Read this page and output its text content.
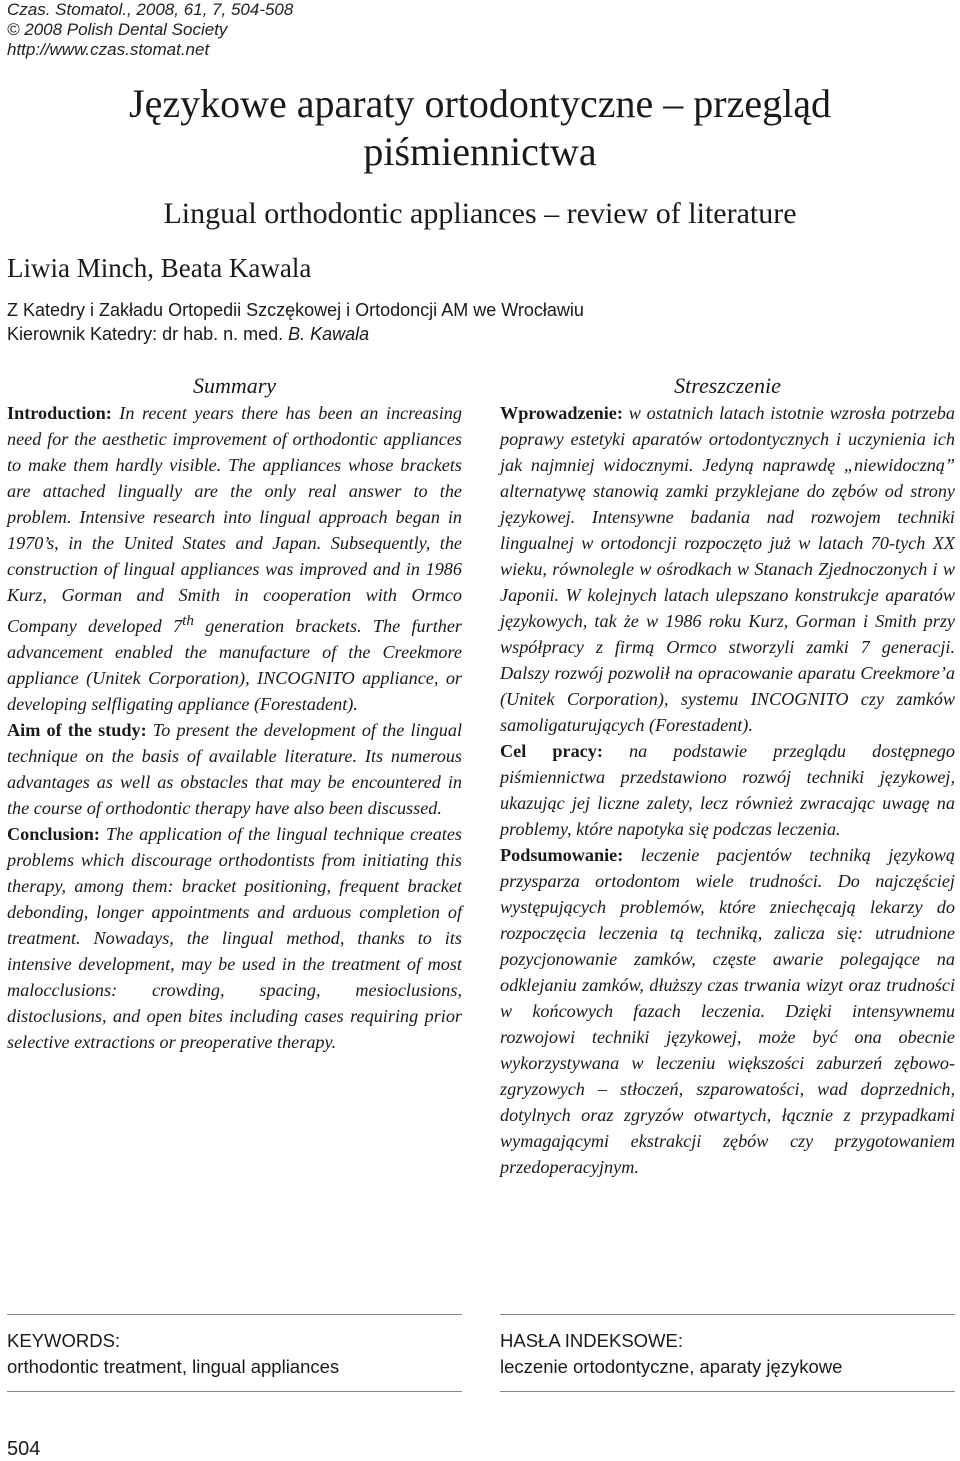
Czas. Stomatol., 2008, 61, 7, 504-508
© 2008 Polish Dental Society
http://www.czas.stomat.net
Językowe aparaty ortodontyczne – przegląd piśmiennictwa
Lingual orthodontic appliances – review of literature
Liwia Minch, Beata Kawala
Z Katedry i Zakładu Ortopedii Szczękowej i Ortodoncji AM we Wrocławiu
Kierownik Katedry: dr hab. n. med. B. Kawala
Summary

Introduction: In recent years there has been an increasing need for the aesthetic improvement of orthodontic appliances to make them hardly visible. The appliances whose brackets are attached lingually are the only real answer to the problem. Intensive research into lingual approach began in 1970’s, in the United States and Japan. Subsequently, the construction of lingual appliances was improved and in 1986 Kurz, Gorman and Smith in cooperation with Ormco Company developed 7th generation brackets. The further advancement enabled the manufacture of the Creekmore appliance (Unitek Corporation), INCOGNITO appliance, or developing selfligating appliance (Forestadent).

Aim of the study: To present the development of the lingual technique on the basis of available literature. Its numerous advantages as well as obstacles that may be encountered in the course of orthodontic therapy have also been discussed.

Conclusion: The application of the lingual technique creates problems which discourage orthodontists from initiating this therapy, among them: bracket positioning, frequent bracket debonding, longer appointments and arduous completion of treatment. Nowadays, the lingual method, thanks to its intensive development, may be used in the treatment of most malocclusions: crowding, spacing, mesioclusions, distoclusions, and open bites including cases requiring prior selective extractions or preoperative therapy.

Streszczenie

Wprowadzenie: w ostatnich latach istotnie wzrosła potrzeba poprawy estetyki aparatów ortodontycznych i uczynienia ich jak najmniej widocznymi. Jedyną naprawdę „niewidoczną” alternatywę stanowią zamki przyklejane do zębów od strony językowej. Intensywne badania nad rozwojem techniki lingualnej w ortodoncji rozpoczęto już w latach 70-tych XX wieku, równolegle w ośrodkach w Stanach Zjednoczonych i w Japonii. W kolejnych latach ulepszano konstrukcje aparatów językowych, tak że w 1986 roku Kurz, Gorman i Smith przy współpracy z firmą Ormco stworzyli zamki 7 generacji. Dalszy rozwój pozwolił na opracowanie aparatu Creekmore’a (Unitek Corporation), systemu INCOGNITO czy zamków samoligaturujących (Forestadent).

Cel pracy: na podstawie przeglądu dostępnego piśmiennictwa przedstawiono rozwój techniki językowej, ukazując jej liczne zalety, lecz również zwracając uwagę na problemy, które napotyka się podczas leczenia.

Podsumowanie: leczenie pacjentów techniką językową przysparza ortodontom wiele trudności. Do najczęściej występujących problemów, które zniechęcają lekarzy do rozpoczęcia leczenia tą techniką, zalicza się: utrudnione pozycjonowanie zamków, częste awarie polegające na odklejaniu zamków, dłuższy czas trwania wizyt oraz trudności w końcowych fazach leczenia. Dzięki intensywnemu rozwojowi techniki językowej, może być ona obecnie wykorzystywana w leczeniu większości zaburzeń zębowo-zgryzowych – stłoczeń, szparowatości, wad doprzednich, dotylnych oraz zgryzów otwartych, łącznie z przypadkami wymagającymi ekstrakcji zębów czy przygotowaniem przedoperacyjnym.

KEYWORDS:
orthodontic treatment, lingual appliances
HASŁA INDEKSOWE:
leczenie ortodontyczne, aparaty językowe
504
